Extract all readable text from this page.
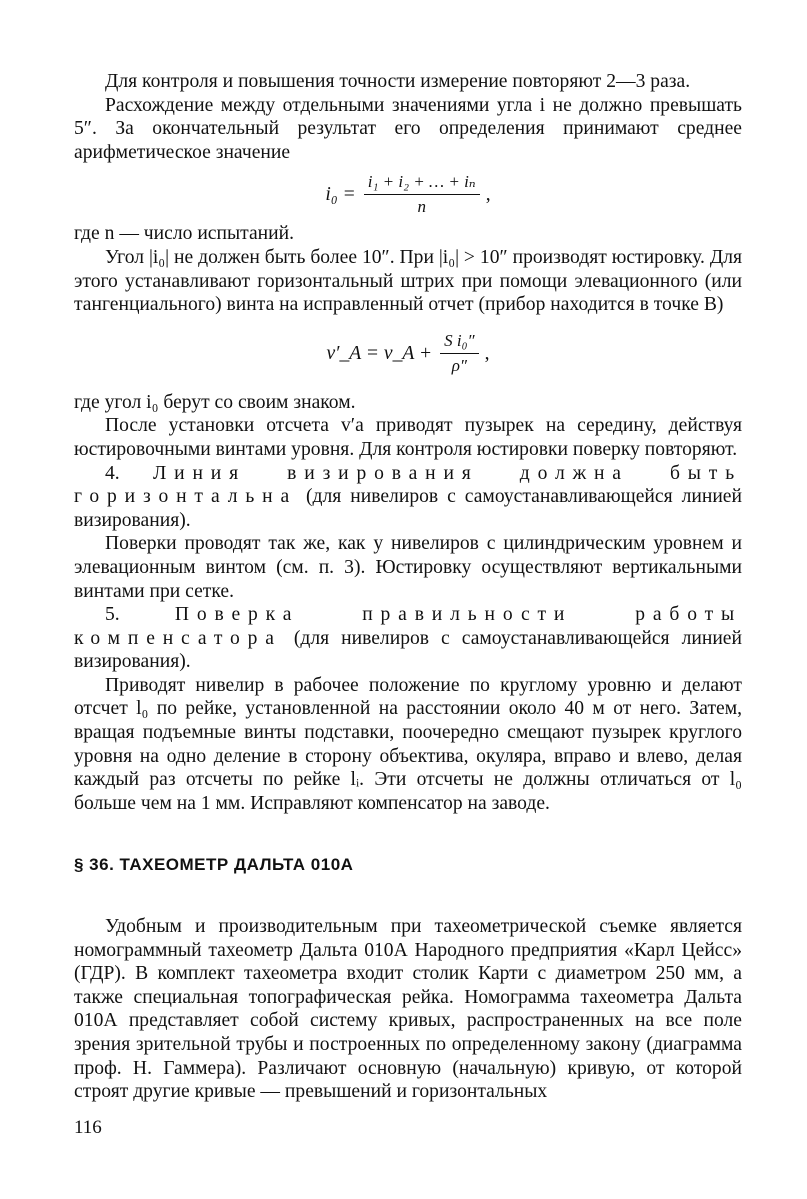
Для контроля и повышения точности измерение повторяют 2—3 раза.

Расхождение между отдельными значениями угла i не должно превышать 5″. За окончательный результат его определения принимают среднее арифметическое значение

$i_0 = \frac{\text{i₁ + i₂ + … + iₙ}}{n}$ ,

где n — число испытаний.

Угол |i₀| не должен быть более 10″. При |i₀| > 10″ производят юстировку. Для этого устанавливают горизонтальный штрих при помощи элевационного (или тангенциального) винта на исправленный отчет (прибор находится в точке B)

v′_A = v_A + $\frac{\text{S i₀″}}{\rho''}$ ,

где угол i₀ берут со своим знаком.

После установки отсчета v′a приводят пузырек на середину, действуя юстировочными винтами уровня. Для контроля юстировки поверку повторяют.

4. Линия визирования должна быть горизонтальна (для нивелиров с самоустанавливающейся линией визирования).

Поверки проводят так же, как у нивелиров с цилиндрическим уровнем и элевационным винтом (см. п. 3). Юстировку осуществляют вертикальными винтами при сетке.

5.	Поверка правильности работы компенсатора (для нивелиров с самоустанавливающейся линией визирования).

Приводят нивелир в рабочее положение по круглому уровню и делают отсчет l₀ по рейке, установленной на расстоянии около 40 м от него. Затем, вращая подъемные винты подставки, поочередно смещают пузырек круглого уровня на одно деление в сторону объектива, окуляра, вправо и влево, делая каждый раз отсчеты по рейке lᵢ. Эти отсчеты не должны отличаться от l₀ больше чем на 1 мм. Исправляют компенсатор на заводе.

§ 36. ТАХЕОМЕТР ДАЛЬТА 010А

Удобным и производительным при тахеометрической съемке является номограммный тахеометр Дальта 010А Народного предприятия «Карл Цейсс» (ГДР). В комплект тахеометра входит столик Карти с диаметром 250 мм, а также специальная топографическая рейка. Номограмма тахеометра Дальта 010А представляет собой систему кривых, распространенных на все поле зрения зрительной трубы и построенных по определенному закону (диаграмма проф. Н. Гаммера). Различают основную (начальную) кривую, от которой строят другие кривые — превышений и горизонтальных

116
